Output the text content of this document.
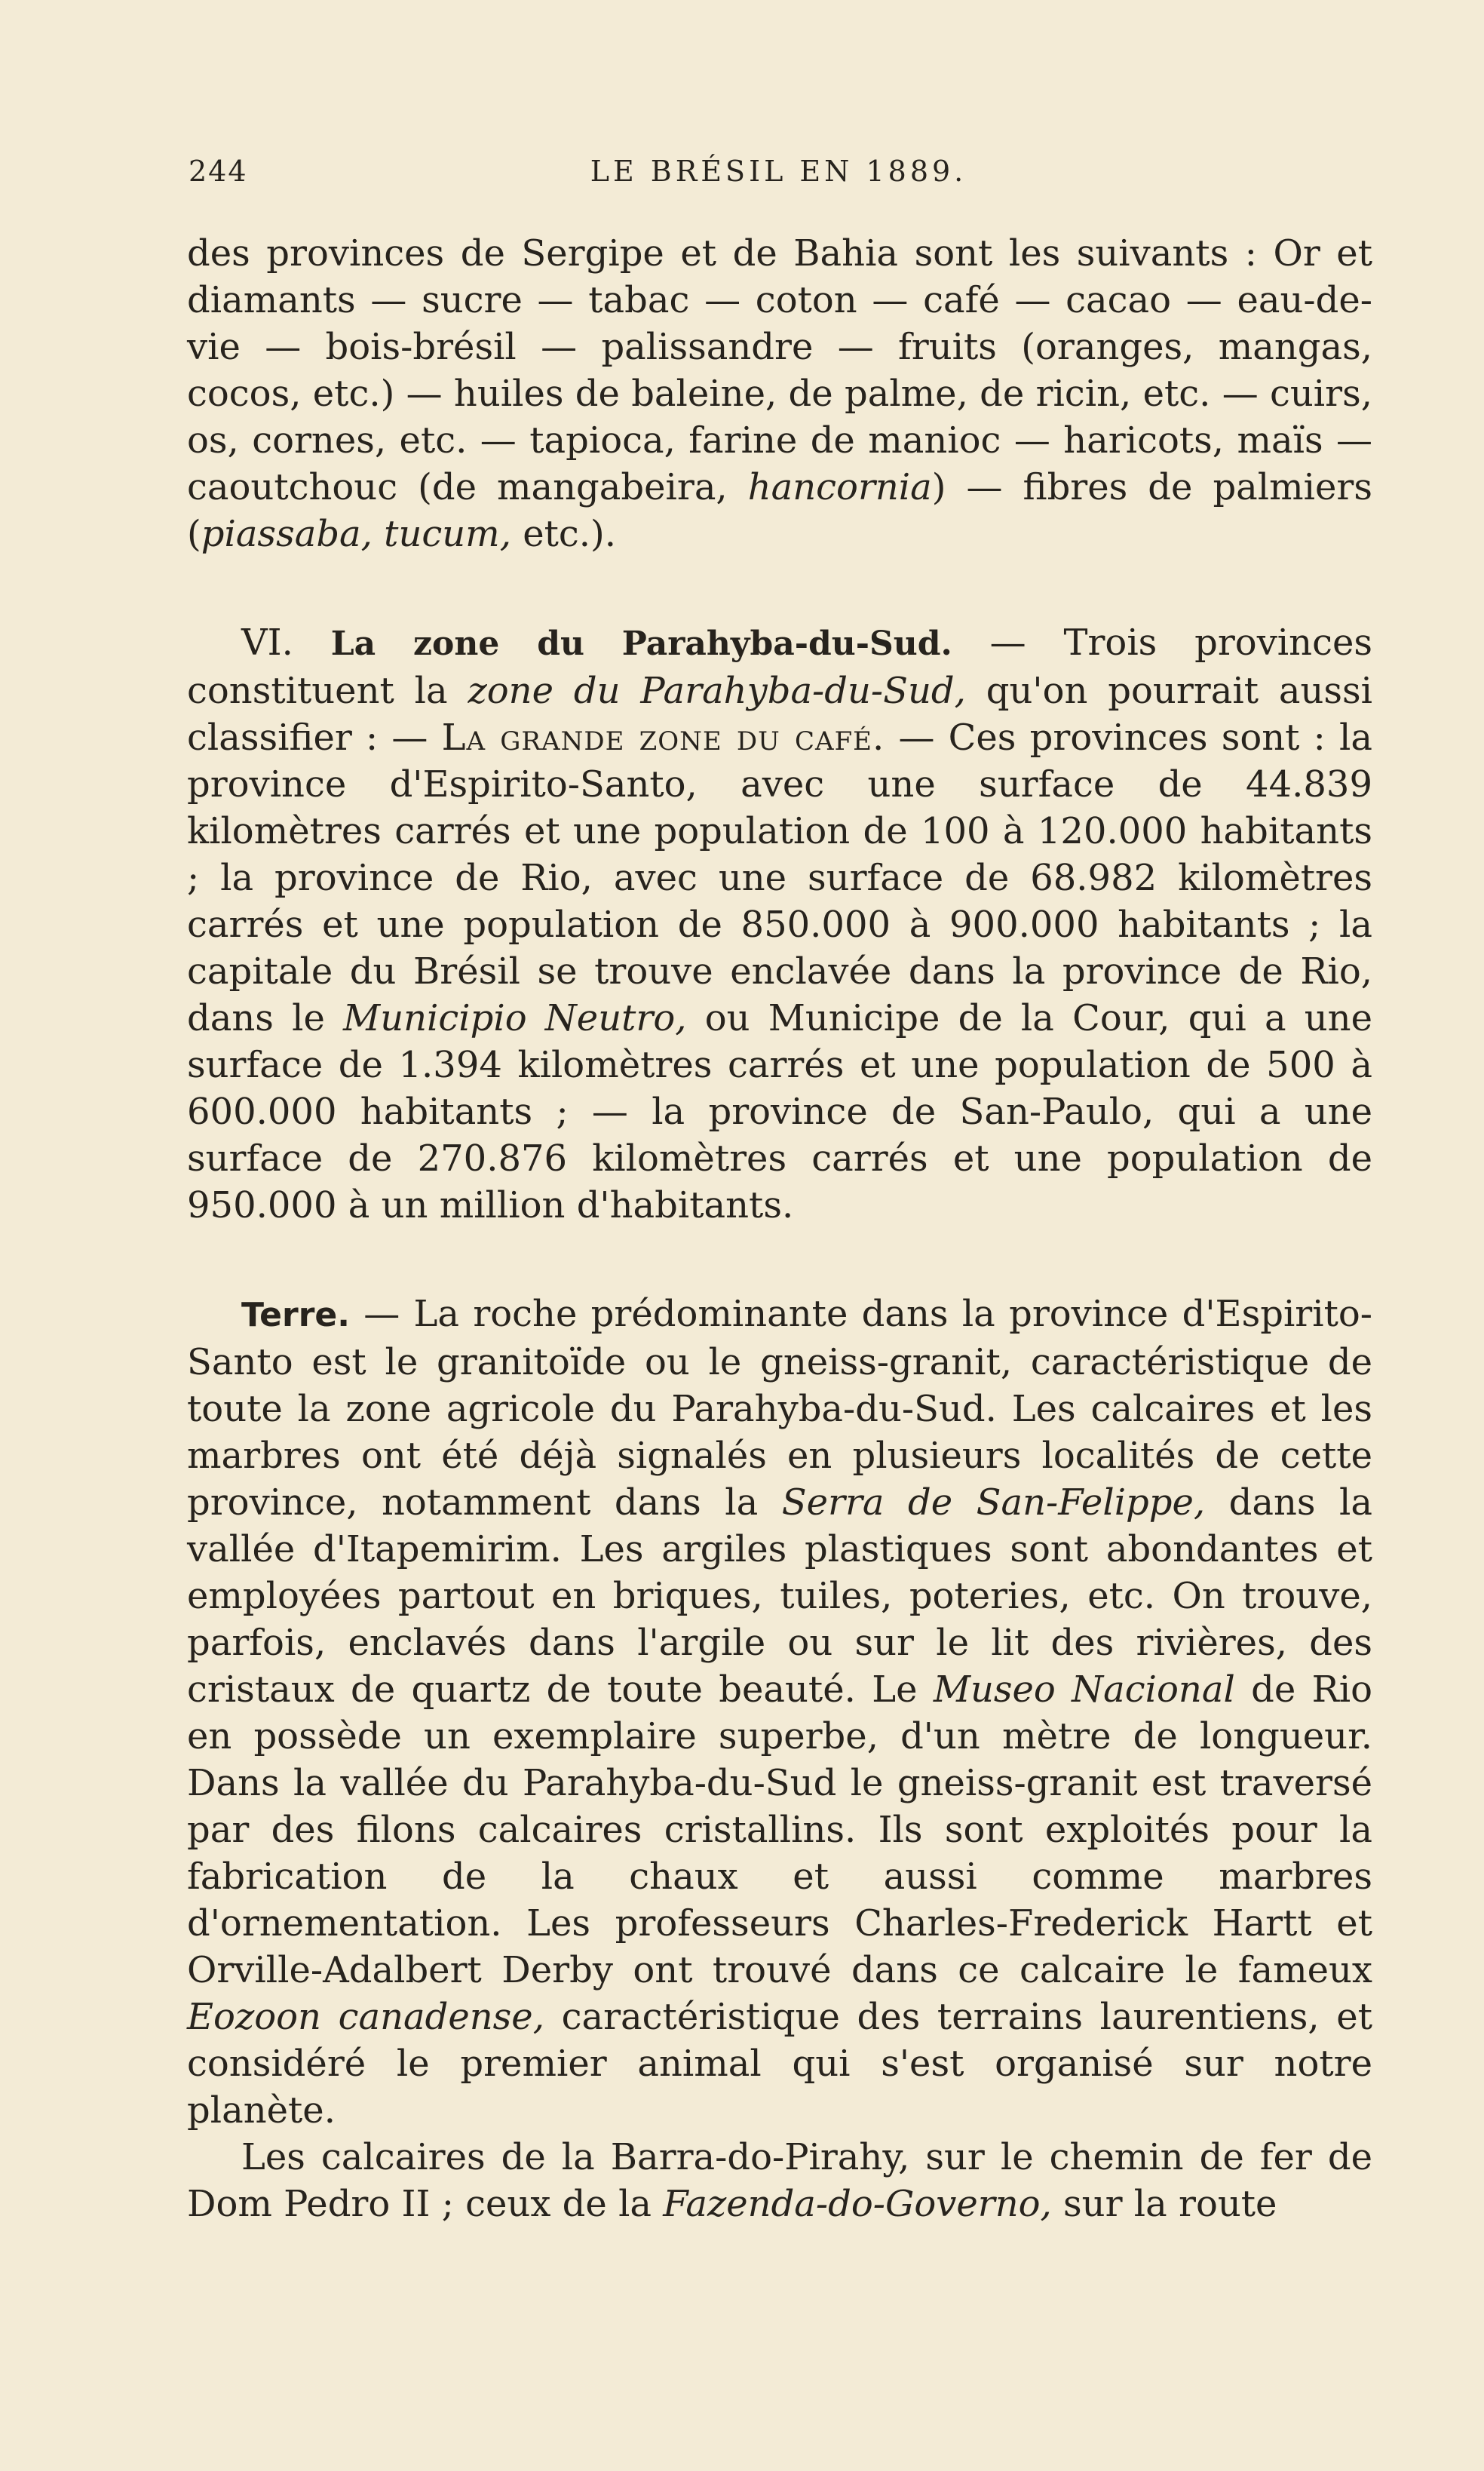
244	LE BRÉSIL EN 1889.

des provinces de Sergipe et de Bahia sont les suivants : Or et diamants — sucre — tabac — coton — café — cacao — eau-de-vie — bois-brésil — palissandre — fruits (oranges, mangas, cocos, etc.) — huiles de baleine, de palme, de ricin, etc. — cuirs, os, cornes, etc. — tapioca, farine de manioc — haricots, maïs — caoutchouc (de mangabeira, hancornia) — fibres de palmiers (piassaba, tucum, etc.).

VI. La zone du Parahyba-du-Sud. — Trois provinces constituent la zone du Parahyba-du-Sud, qu'on pourrait aussi classifier : — La grande zone du café. — Ces provinces sont : la province d'Espirito-Santo, avec une surface de 44.839 kilomètres carrés et une population de 100 à 120.000 habitants ; la province de Rio, avec une surface de 68.982 kilomètres carrés et une population de 850.000 à 900.000 habitants ; la capitale du Brésil se trouve enclavée dans la province de Rio, dans le Municipio Neutro, ou Municipe de la Cour, qui a une surface de 1.394 kilomètres carrés et une population de 500 à 600.000 habitants ; — la province de San-Paulo, qui a une surface de 270.876 kilomètres carrés et une population de 950.000 à un million d'habitants.

Terre. — La roche prédominante dans la province d'Espirito-Santo est le granitoïde ou le gneiss-granit, caractéristique de toute la zone agricole du Parahyba-du-Sud. Les calcaires et les marbres ont été déjà signalés en plusieurs localités de cette province, notamment dans la Serra de San-Felippe, dans la vallée d'Itapemirim. Les argiles plastiques sont abondantes et employées partout en briques, tuiles, poteries, etc. On trouve, parfois, enclavés dans l'argile ou sur le lit des rivières, des cristaux de quartz de toute beauté. Le Museo Nacional de Rio en possède un exemplaire superbe, d'un mètre de longueur. Dans la vallée du Parahyba-du-Sud le gneiss-granit est traversé par des filons calcaires cristallins. Ils sont exploités pour la fabrication de la chaux et aussi comme marbres d'ornementation. Les professeurs Charles-Frederick Hartt et Orville-Adalbert Derby ont trouvé dans ce calcaire le fameux Eozoon canadense, caractéristique des terrains laurentiens, et considéré le premier animal qui s'est organisé sur notre planète.

Les calcaires de la Barra-do-Pirahy, sur le chemin de fer de Dom Pedro II ; ceux de la Fazenda-do-Governo, sur la route
